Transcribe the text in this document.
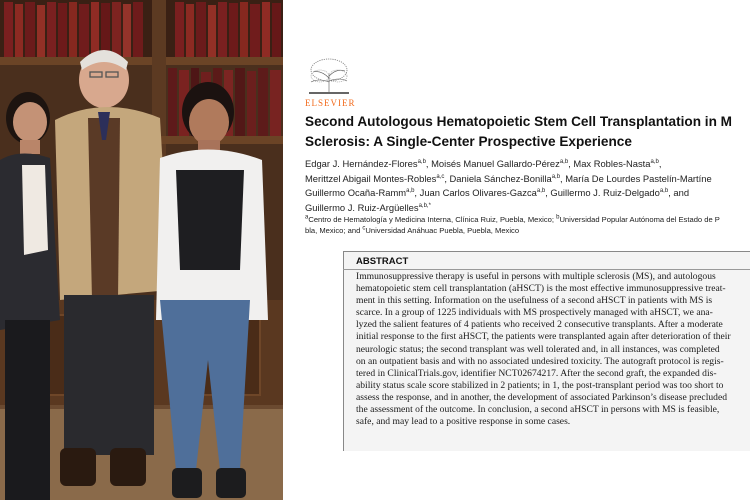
ELSEVIER
Second Autologous Hematopoietic Stem Cell Transplantation in M
Sclerosis: A Single-Center Prospective Experience
Edgar J. Hernández-Flores$^{a,b}$, Moisés Manuel Gallardo-Pérez$^{a,b}$, Max Robles-Nasta$^{a,b}$,
Merittzel Abigail Montes-Robles$^{a,c}$, Daniela Sánchez-Bonilla$^{a,b}$, María De Lourdes Pastelín-Martíne
Guillermo Ocaña-Ramm$^{a,b}$, Juan Carlos Olivares-Gazca$^{a,b}$, Guillermo J. Ruiz-Delgado$^{a,b}$, and
Guillermo J. Ruiz-Argüelles$^{a,b,*}$
$^a$Centro de Hematología y Medicina Interna, Clínica Ruiz, Puebla, Mexico; $^b$Universidad Popular Autónoma del Estado de P
bla, Mexico; and $^c$Universidad Anáhuac Puebla, Puebla, Mexico
ABSTRACT
Immunosuppressive therapy is useful in persons with multiple sclerosis (MS), and autologous
hematopoietic stem cell transplantation (aHSCT) is the most effective immunosuppressive treat-
ment in this setting. Information on the usefulness of a second aHSCT in patients with MS is
scarce. In a group of 1225 individuals with MS prospectively managed with aHSCT, we ana-
lyzed the salient features of 4 patients who received 2 consecutive transplants. After a moderate
initial response to the first aHSCT, the patients were transplanted again after deterioration of their
neurologic status; the second transplant was well tolerated and, in all instances, was completed
on an outpatient basis and with no associated undesired toxicity. The autograft protocol is regis-
tered in ClinicalTrials.gov, identifier NCT02674217. After the second graft, the expanded dis-
ability status scale score stabilized in 2 patients; in 1, the post-transplant period was too short to
assess the response, and in another, the development of associated Parkinson’s disease precluded
the assessment of the outcome. In conclusion, a second aHSCT in persons with MS is feasible,
safe, and may lead to a positive response in some cases.
